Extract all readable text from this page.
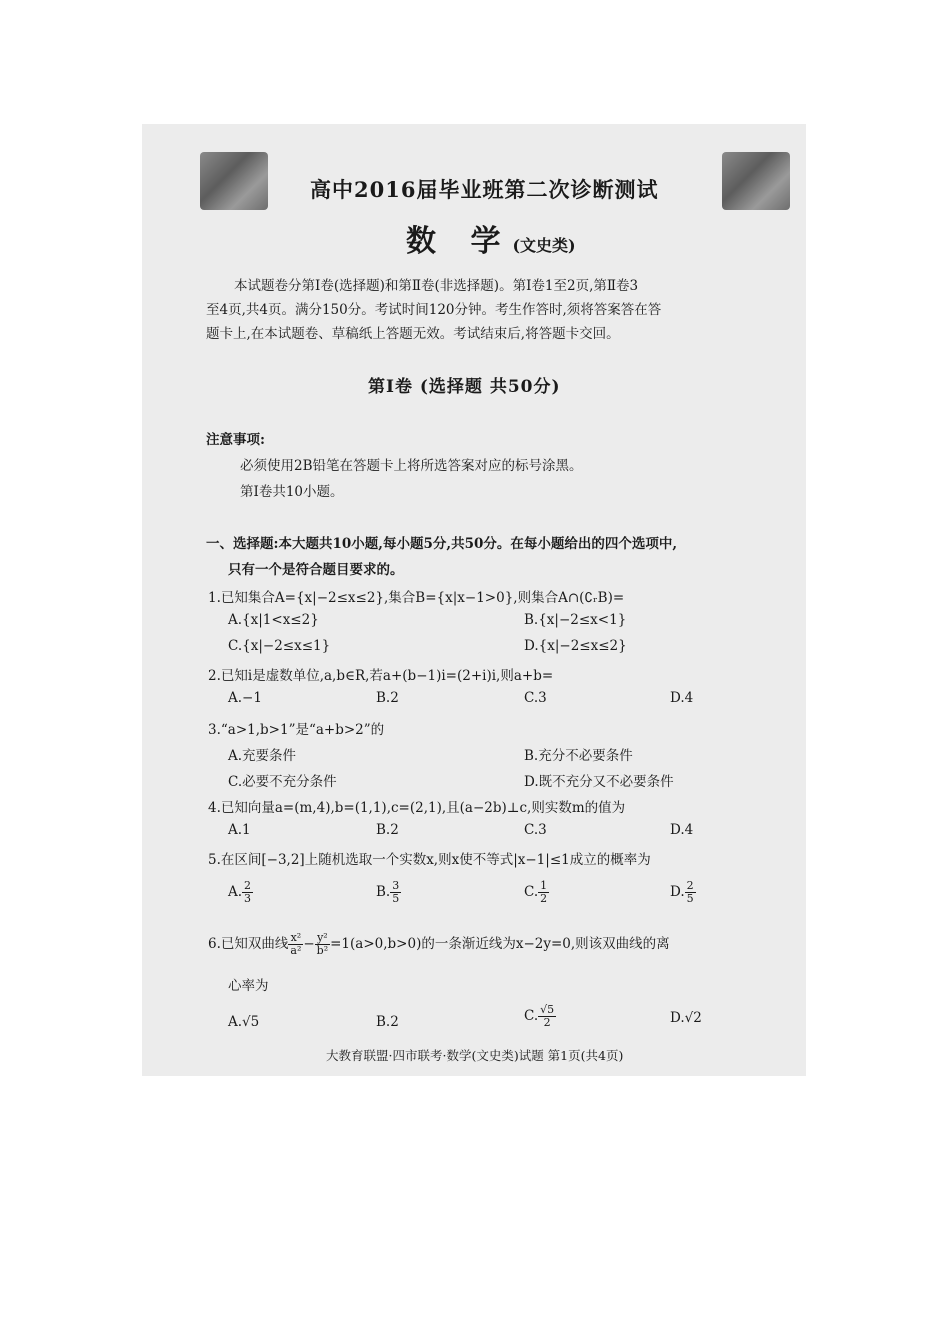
高中2016届毕业班第二次诊断测试
数 学(文史类)
本试题卷分第Ⅰ卷(选择题)和第Ⅱ卷(非选择题)。第Ⅰ卷1至2页,第Ⅱ卷3
至4页,共4页。满分150分。考试时间120分钟。考生作答时,须将答案答在答
题卡上,在本试题卷、草稿纸上答题无效。考试结束后,将答题卡交回。
第Ⅰ卷 (选择题 共50分)
注意事项:
必须使用2B铅笔在答题卡上将所选答案对应的标号涂黑。
第Ⅰ卷共10小题。
一、选择题:本大题共10小题,每小题5分,共50分。在每小题给出的四个选项中,
只有一个是符合题目要求的。
1.已知集合A={x|−2≤x≤2},集合B={x|x−1>0},则集合A∩(∁ᵣB)=
A.{x|1<x≤2}	B.{x|−2≤x<1}
C.{x|−2≤x≤1}	D.{x|−2≤x≤2}
2.已知i是虚数单位,a,b∈R,若a+(b−1)i=(2+i)i,则a+b=
A.−1	B.2	C.3	D.4
3.“a>1,b>1”是“a+b>2”的
A.充要条件	B.充分不必要条件
C.必要不充分条件	D.既不充分又不必要条件
4.已知向量a=(m,4),b=(1,1),c=(2,1),且(a−2b)⊥c,则实数m的值为
A.1	B.2	C.3	D.4
5.在区间[−3,2]上随机选取一个实数x,则x使不等式|x−1|≤1成立的概率为
A. $\frac{2}{3}$	B. $\frac{3}{5}$	C. $\frac{1}{2}$	D. $\frac{2}{5}$
6.已知双曲线 $\frac{\text{x²}}{\text{a²}} - \frac{\text{y²}}{\text{b²}} =1(a>0,b>0)$的一条渐近线为x−2y=0,则该双曲线的离
心率为
A.√5	B.2	C. $\frac{√5}{2}$	D.√2
大教育联盟·四市联考·数学(文史类)试题 第1页(共4页)
